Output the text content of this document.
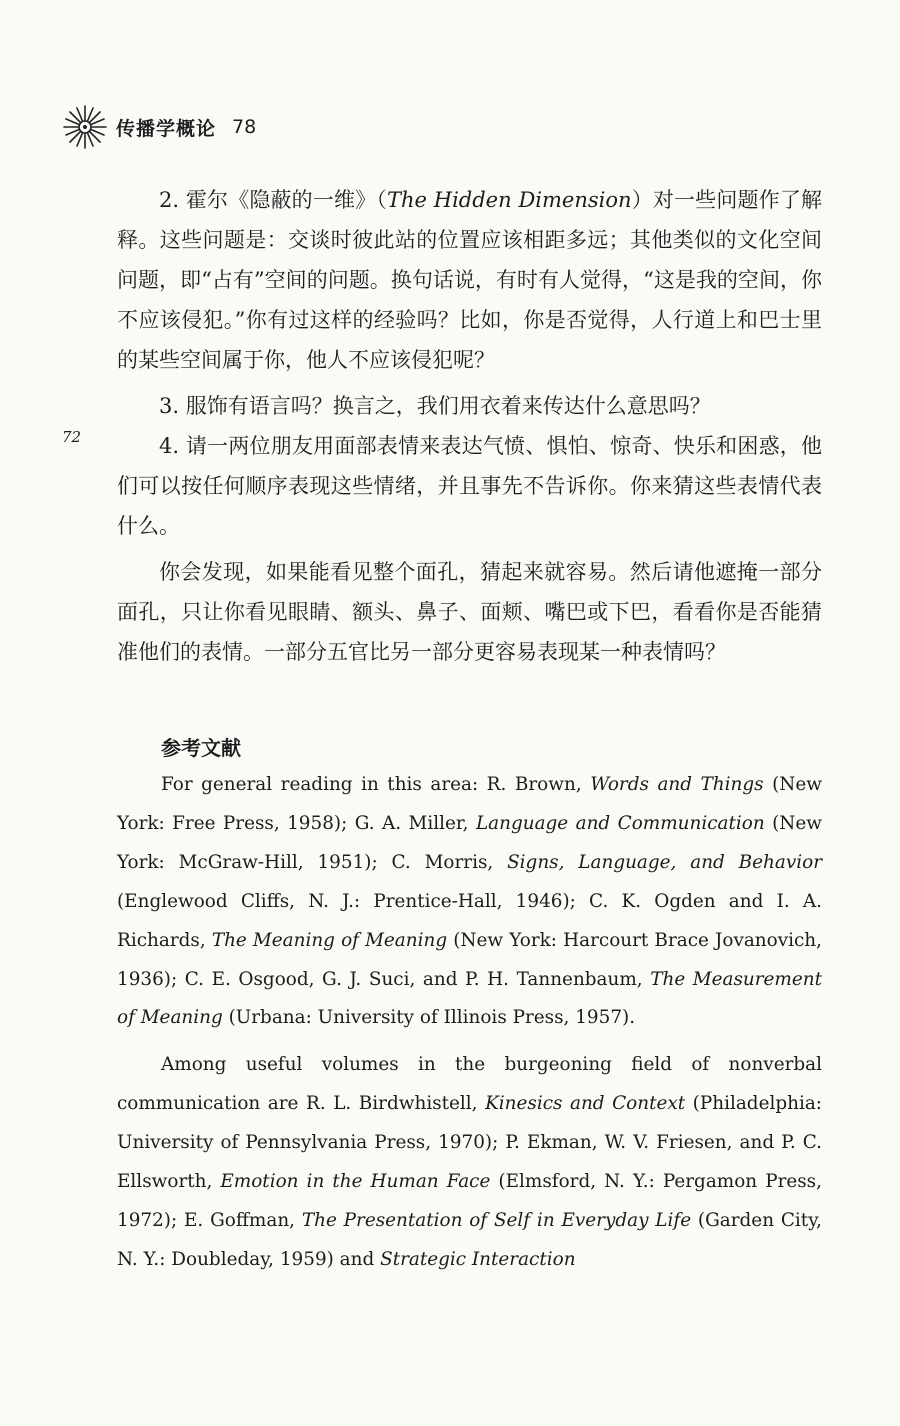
传播学概论 78
72

2. 霍尔《隐蔽的一维》（The Hidden Dimension）对一些问题作了解释。这些问题是：交谈时彼此站的位置应该相距多远；其他类似的文化空间问题，即“占有”空间的问题。换句话说，有时有人觉得，“这是我的空间，你不应该侵犯。”你有过这样的经验吗？比如，你是否觉得，人行道上和巴士里的某些空间属于你，他人不应该侵犯呢？

3. 服饰有语言吗？换言之，我们用衣着来传达什么意思吗？

4. 请一两位朋友用面部表情来表达气愤、惧怕、惊奇、快乐和困惑，他们可以按任何顺序表现这些情绪，并且事先不告诉你。你来猜这些表情代表什么。

你会发现，如果能看见整个面孔，猜起来就容易。然后请他遮掩一部分面孔，只让你看见眼睛、额头、鼻子、面颊、嘴巴或下巴，看看你是否能猜准他们的表情。一部分五官比另一部分更容易表现某一种表情吗？

参考文献

For general reading in this area: R. Brown, Words and Things (New York: Free Press, 1958); G. A. Miller, Language and Communication (New York: McGraw-Hill, 1951); C. Morris, Signs, Language, and Behavior (Englewood Cliffs, N. J.: Prentice-Hall, 1946); C. K. Ogden and I. A. Richards, The Meaning of Meaning (New York: Harcourt Brace Jovanovich, 1936); C. E. Osgood, G. J. Suci, and P. H. Tannenbaum, The Measurement of Meaning (Urbana: University of Illinois Press, 1957).

Among useful volumes in the burgeoning field of nonverbal communication are R. L. Birdwhistell, Kinesics and Context (Philadelphia: University of Pennsylvania Press, 1970); P. Ekman, W. V. Friesen, and P. C. Ellsworth, Emotion in the Human Face (Elmsford, N. Y.: Pergamon Press, 1972); E. Goffman, The Presentation of Self in Everyday Life (Garden City, N. Y.: Doubleday, 1959) and Strategic Interaction
